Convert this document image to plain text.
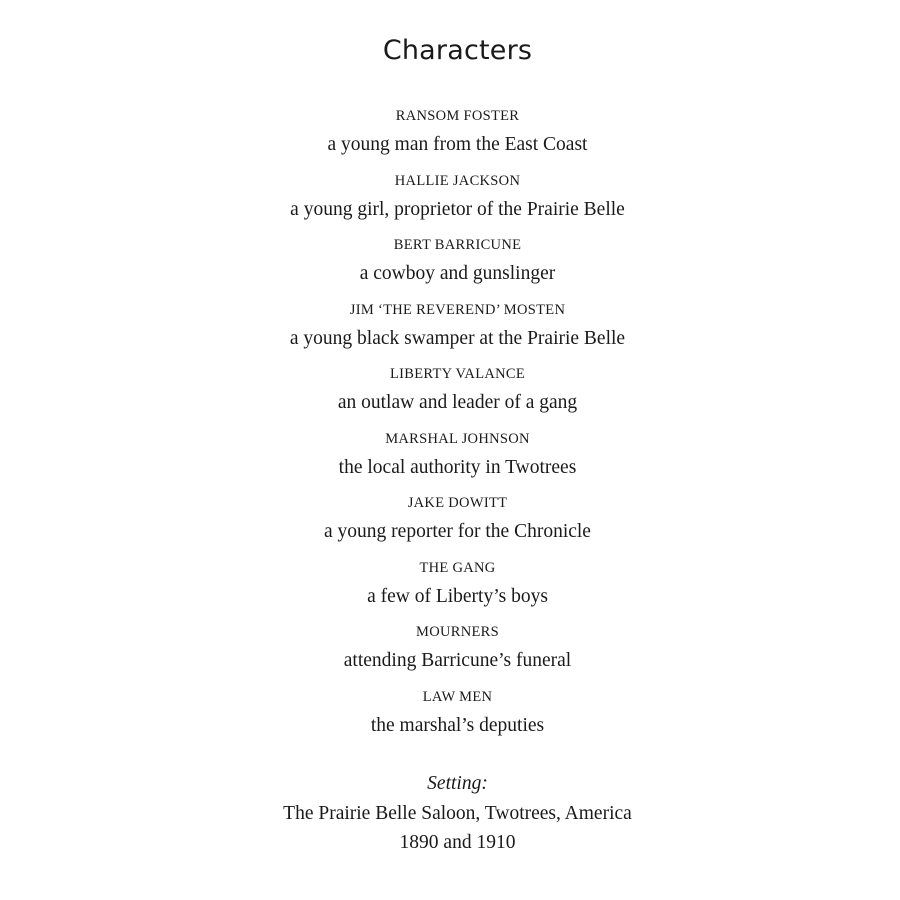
Characters
RANSOM FOSTER
a young man from the East Coast
HALLIE JACKSON
a young girl, proprietor of the Prairie Belle
BERT BARRICUNE
a cowboy and gunslinger
JIM ‘THE REVEREND’ MOSTEN
a young black swamper at the Prairie Belle
LIBERTY VALANCE
an outlaw and leader of a gang
MARSHAL JOHNSON
the local authority in Twotrees
JAKE DOWITT
a young reporter for the Chronicle
THE GANG
a few of Liberty’s boys
MOURNERS
attending Barricune’s funeral
LAW MEN
the marshal’s deputies
Setting:
The Prairie Belle Saloon, Twotrees, America
1890 and 1910
